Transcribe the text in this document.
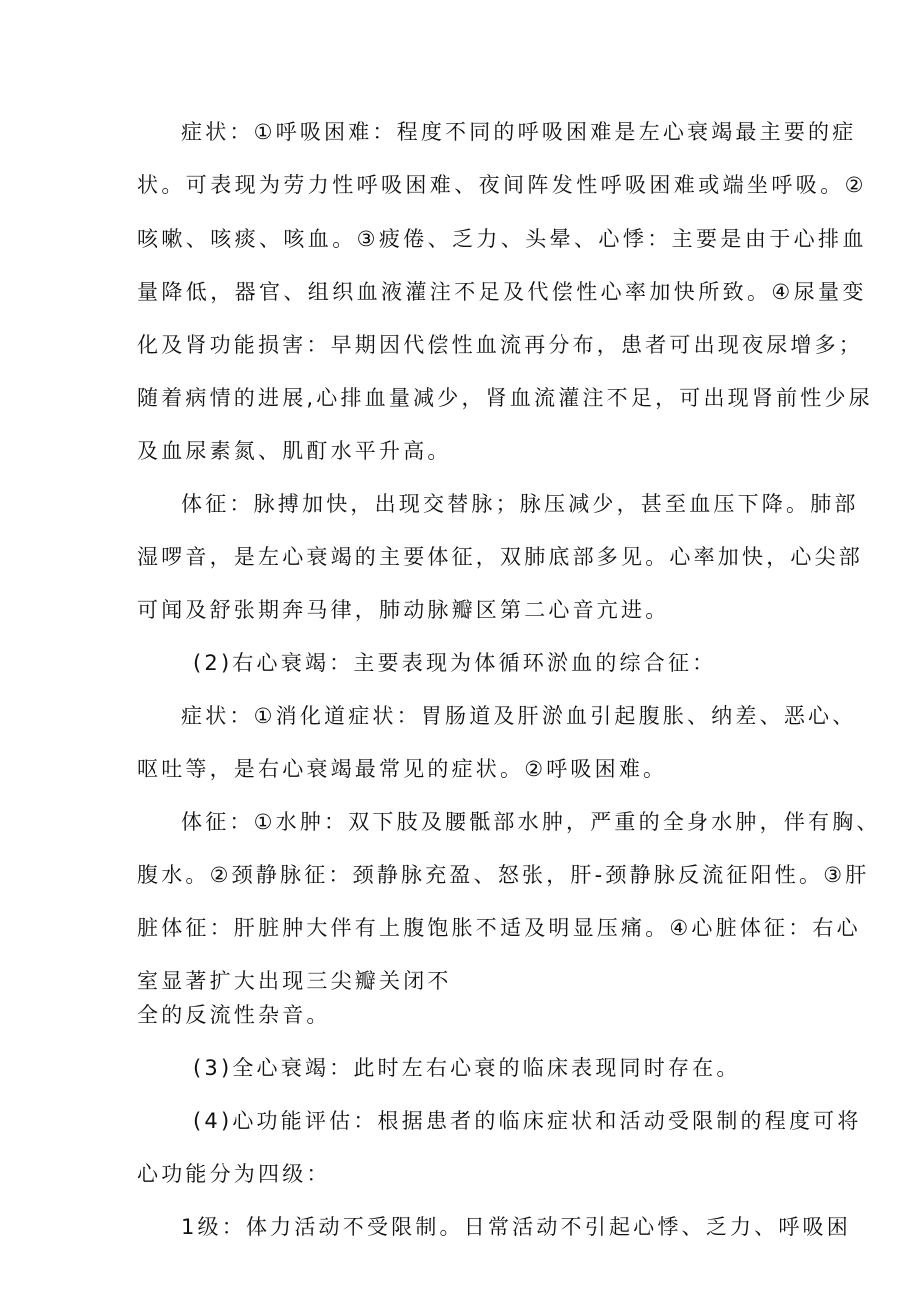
症状：①呼吸困难：程度不同的呼吸困难是左心衰竭最主要的症
状。可表现为劳力性呼吸困难、夜间阵发性呼吸困难或端坐呼吸。②
咳嗽、咳痰、咳血。③疲倦、乏力、头晕、心悸：主要是由于心排血
量降低，器官、组织血液灌注不足及代偿性心率加快所致。④尿量变
化及肾功能损害：早期因代偿性血流再分布，患者可出现夜尿增多；
随着病情的进展,心排血量减少，肾血流灌注不足，可出现肾前性少尿
及血尿素氮、肌酊水平升高。
体征：脉搏加快，出现交替脉；脉压减少，甚至血压下降。肺部
湿啰音，是左心衰竭的主要体征，双肺底部多见。心率加快，心尖部
可闻及舒张期奔马律，肺动脉瓣区第二心音亢进。
(2)右心衰竭：主要表现为体循环淤血的综合征：
症状：①消化道症状：胃肠道及肝淤血引起腹胀、纳差、恶心、
呕吐等，是右心衰竭最常见的症状。②呼吸困难。
体征：①水肿：双下肢及腰骶部水肿，严重的全身水肿，伴有胸、
腹水。②颈静脉征：颈静脉充盈、怒张，肝-颈静脉反流征阳性。③肝
脏体征：肝脏肿大伴有上腹饱胀不适及明显压痛。④心脏体征：右心
室显著扩大出现三尖瓣关闭不
全的反流性杂音。
(3)全心衰竭：此时左右心衰的临床表现同时存在。
(4)心功能评估：根据患者的临床症状和活动受限制的程度可将
心功能分为四级：
1级：体力活动不受限制。日常活动不引起心悸、乏力、呼吸困
